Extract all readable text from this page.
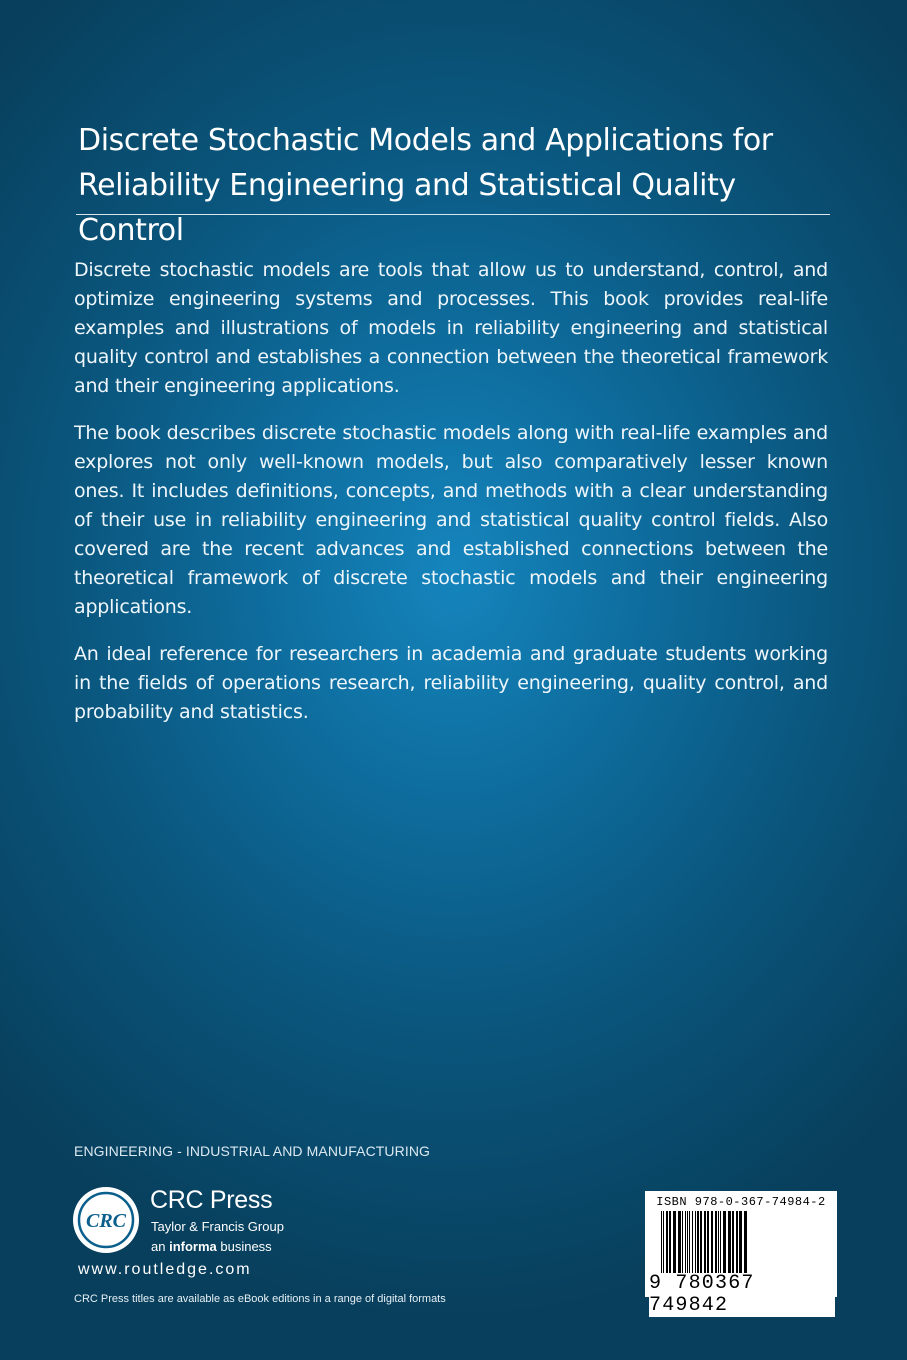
Discrete Stochastic Models and Applications for
Reliability Engineering and Statistical Quality Control

Discrete stochastic models are tools that allow us to understand, control, and optimize engineering systems and processes. This book provides real-life examples and illustrations of models in reliability engineering and statistical quality control and establishes a connection between the theoretical framework and their engineering applications.

The book describes discrete stochastic models along with real-life examples and explores not only well-known models, but also comparatively lesser known ones. It includes definitions, concepts, and methods with a clear understanding of their use in reliability engineering and statistical quality control fields. Also covered are the recent advances and established connections between the theoretical framework of discrete stochastic models and their engineering applications.

An ideal reference for researchers in academia and graduate students working in the fields of operations research, reliability engineering, quality control, and probability and statistics.

ENGINEERING - INDUSTRIAL AND MANUFACTURING
CRC
CRC Press
Taylor & Francis Group
an informa business
www.routledge.com
CRC Press titles are available as eBook editions in a range of digital formats
ISBN 978-0-367-74984-2
9 780367 749842
